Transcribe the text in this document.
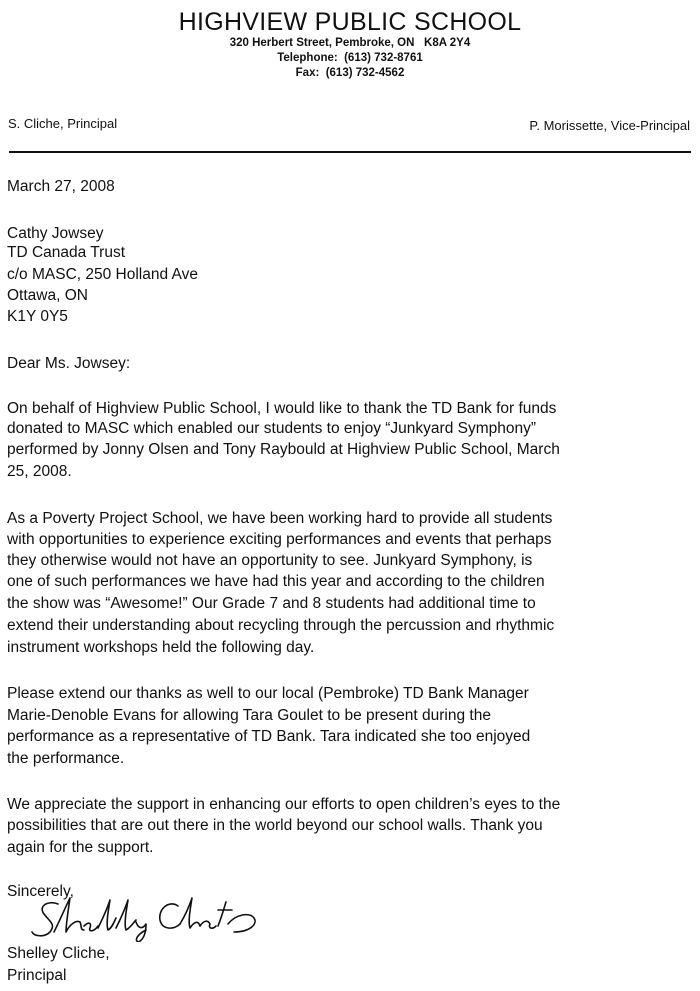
HIGHVIEW PUBLIC SCHOOL
320 Herbert Street, Pembroke, ON   K8A 2Y4
Telephone:  (613) 732-8761
Fax:  (613) 732-4562
S. Cliche, Principal	P. Morissette, Vice-Principal
March 27, 2008
Cathy Jowsey
TD Canada Trust
c/o MASC, 250 Holland Ave
Ottawa, ON
K1Y 0Y5
Dear Ms. Jowsey:
On behalf of Highview Public School, I would like to thank the TD Bank for funds
donated to MASC which enabled our students to enjoy “Junkyard Symphony”
performed by Jonny Olsen and Tony Raybould at Highview Public School, March
25, 2008.
As a Poverty Project School, we have been working hard to provide all students
with opportunities to experience exciting performances and events that perhaps
they otherwise would not have an opportunity to see. Junkyard Symphony, is
one of such performances we have had this year and according to the children
the show was “Awesome!” Our Grade 7 and 8 students had additional time to
extend their understanding about recycling through the percussion and rhythmic
instrument workshops held the following day.
Please extend our thanks as well to our local (Pembroke) TD Bank Manager
Marie-Denoble Evans for allowing Tara Goulet to be present during the
performance as a representative of TD Bank. Tara indicated she too enjoyed
the performance.
We appreciate the support in enhancing our efforts to open children’s eyes to the
possibilities that are out there in the world beyond our school walls. Thank you
again for the support.
Sincerely,
Shelley Cliche,
Principal
